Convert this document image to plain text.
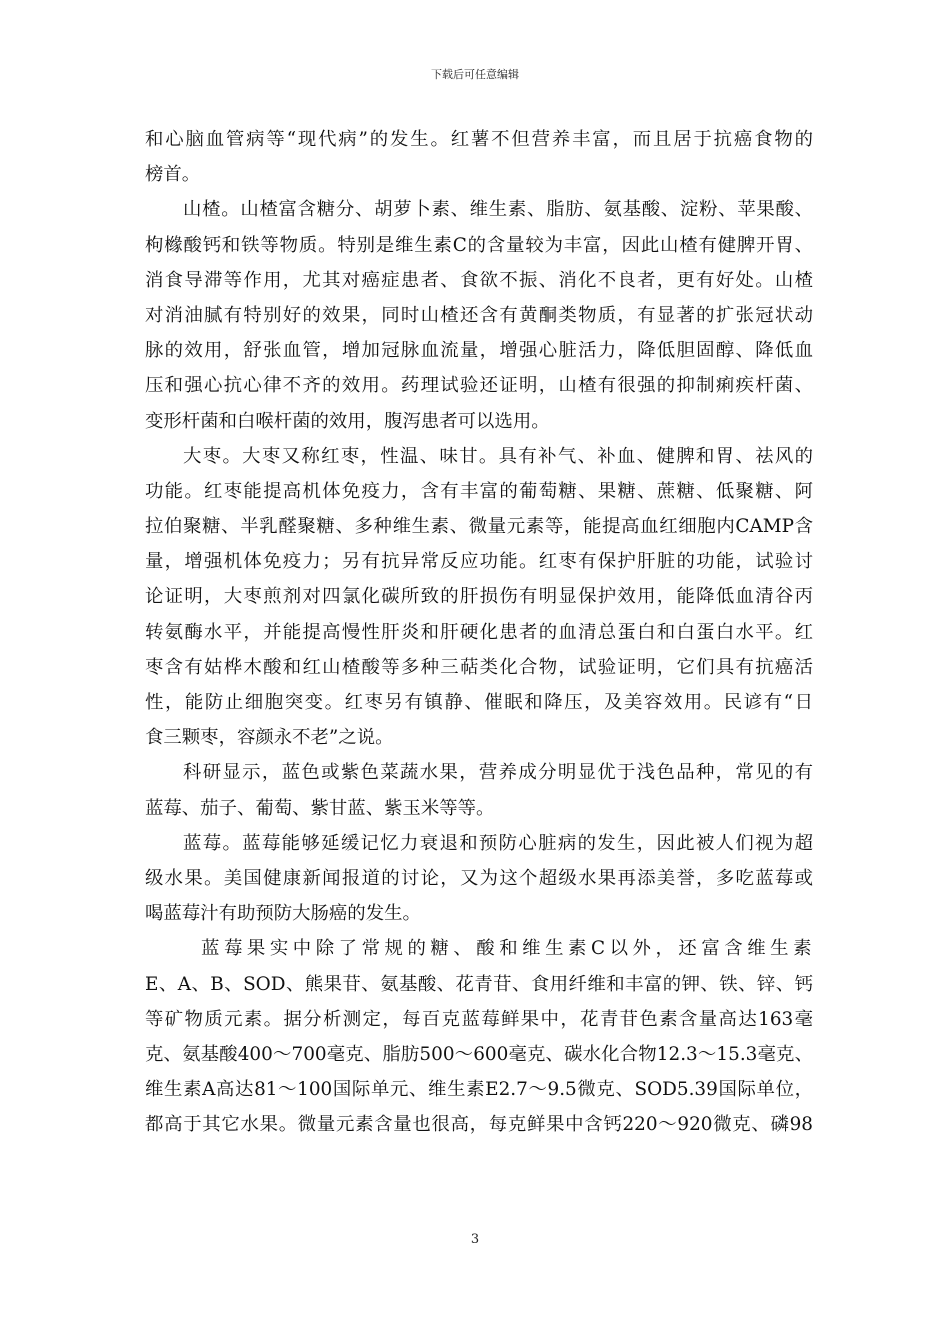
下载后可任意编辑
和心脑血管病等“现代病”的发生。红薯不但营养丰富，而且居于抗癌食物的
榜首。
山楂。山楂富含糖分、胡萝卜素、维生素、脂肪、氨基酸、淀粉、苹果酸、
枸橼酸钙和铁等物质。特别是维生素C的含量较为丰富，因此山楂有健脾开胃、
消食导滞等作用，尤其对癌症患者、食欲不振、消化不良者，更有好处。山楂
对消油腻有特别好的效果，同时山楂还含有黄酮类物质，有显著的扩张冠状动
脉的效用，舒张血管，增加冠脉血流量，增强心脏活力，降低胆固醇、降低血
压和强心抗心律不齐的效用。药理试验还证明，山楂有很强的抑制痢疾杆菌、
变形杆菌和白喉杆菌的效用，腹泻患者可以选用。
大枣。大枣又称红枣，性温、味甘。具有补气、补血、健脾和胃、祛风的
功能。红枣能提高机体免疫力，含有丰富的葡萄糖、果糖、蔗糖、低聚糖、阿
拉伯聚糖、半乳醛聚糖、多种维生素、微量元素等，能提高血红细胞内CAMP含
量，增强机体免疫力；另有抗异常反应功能。红枣有保护肝脏的功能，试验讨
论证明，大枣煎剂对四氯化碳所致的肝损伤有明显保护效用，能降低血清谷丙
转氨酶水平，并能提高慢性肝炎和肝硬化患者的血清总蛋白和白蛋白水平。红
枣含有姑桦木酸和红山楂酸等多种三萜类化合物，试验证明，它们具有抗癌活
性，能防止细胞突变。红枣另有镇静、催眠和降压，及美容效用。民谚有“日
食三颗枣，容颜永不老”之说。
科研显示，蓝色或紫色菜蔬水果，营养成分明显优于浅色品种，常见的有
蓝莓、茄子、葡萄、紫甘蓝、紫玉米等等。
蓝莓。蓝莓能够延缓记忆力衰退和预防心脏病的发生，因此被人们视为超
级水果。美国健康新闻报道的讨论，又为这个超级水果再添美誉，多吃蓝莓或
喝蓝莓汁有助预防大肠癌的发生。
蓝莓果实中除了常规的糖、酸和维生素C以外，还富含维生素
E、A、B、SOD、熊果苷、氨基酸、花青苷、食用纤维和丰富的钾、铁、锌、钙
等矿物质元素。据分析测定，每百克蓝莓鲜果中，花青苷色素含量高达163毫
克、氨基酸400～700毫克、脂肪500～600毫克、碳水化合物12.3～15.3毫克、
维生素A高达81～100国际单元、维生素E2.7～9.5微克、SOD5.39国际单位，
都高于其它水果。微量元素含量也很高，每克鲜果中含钙220～920微克、磷98
3
